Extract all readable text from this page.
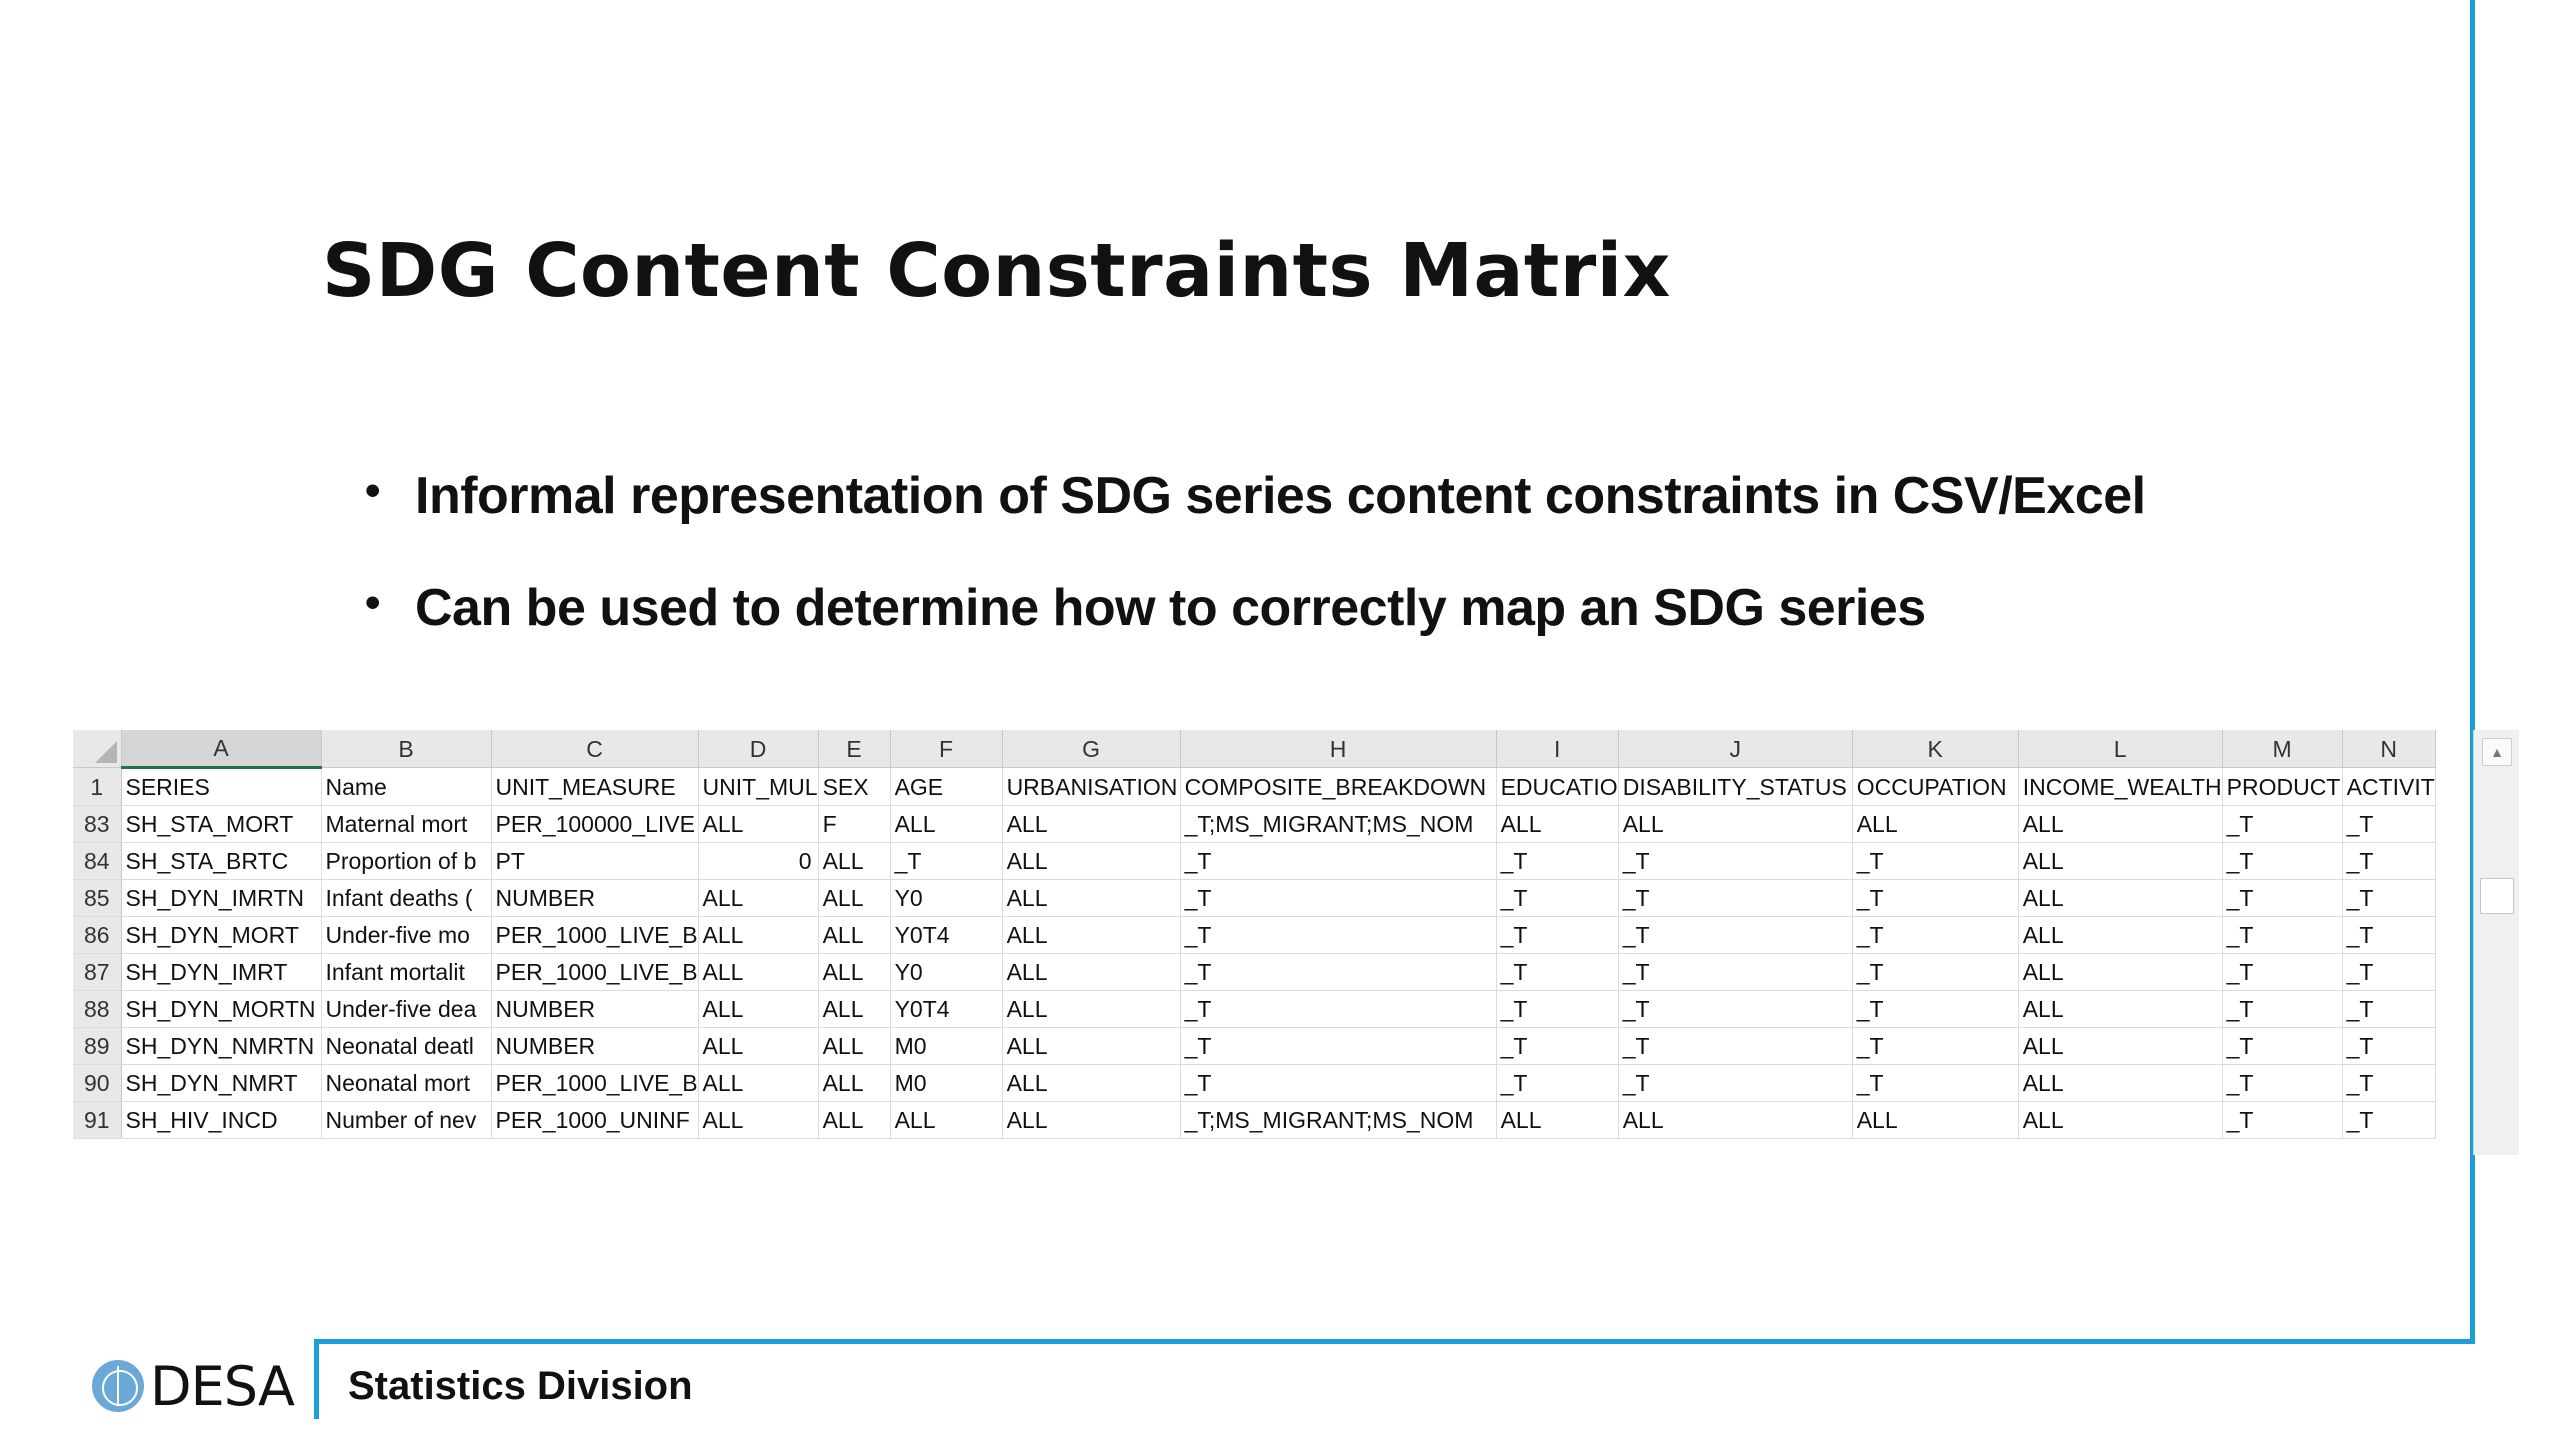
SDG Content Constraints Matrix
• Informal representation of SDG series content constraints in CSV/Excel
• Can be used to determine how to correctly map an SDG series
	A	B	C	D	E	F	G	H	I	J	K	L	M	N
1	SERIES	Name	UNIT_MEASURE	UNIT_MUL	SEX	AGE	URBANISATION	COMPOSITE_BREAKDOWN	EDUCATIO	DISABILITY_STATUS	OCCUPATION	INCOME_WEALTH	PRODUCT	ACTIVIT
83	SH_STA_MORT	Maternal mort	PER_100000_LIVE	ALL	F	ALL	ALL	_T;MS_MIGRANT;MS_NOM	ALL	ALL	ALL	ALL	_T	_T
84	SH_STA_BRTC	Proportion of b	PT	0	ALL	_T	ALL	_T	_T	_T	_T	ALL	_T	_T
85	SH_DYN_IMRTN	Infant deaths (	NUMBER	ALL	ALL	Y0	ALL	_T	_T	_T	_T	ALL	_T	_T
86	SH_DYN_MORT	Under-five mo	PER_1000_LIVE_B	ALL	ALL	Y0T4	ALL	_T	_T	_T	_T	ALL	_T	_T
87	SH_DYN_IMRT	Infant mortalit	PER_1000_LIVE_B	ALL	ALL	Y0	ALL	_T	_T	_T	_T	ALL	_T	_T
88	SH_DYN_MORTN	Under-five dea	NUMBER	ALL	ALL	Y0T4	ALL	_T	_T	_T	_T	ALL	_T	_T
89	SH_DYN_NMRTN	Neonatal deatl	NUMBER	ALL	ALL	M0	ALL	_T	_T	_T	_T	ALL	_T	_T
90	SH_DYN_NMRT	Neonatal mort	PER_1000_LIVE_B	ALL	ALL	M0	ALL	_T	_T	_T	_T	ALL	_T	_T
91	SH_HIV_INCD	Number of nev	PER_1000_UNINF	ALL	ALL	ALL	ALL	_T;MS_MIGRANT;MS_NOM	ALL	ALL	ALL	ALL	_T	_T
▲
DESA Statistics Division
